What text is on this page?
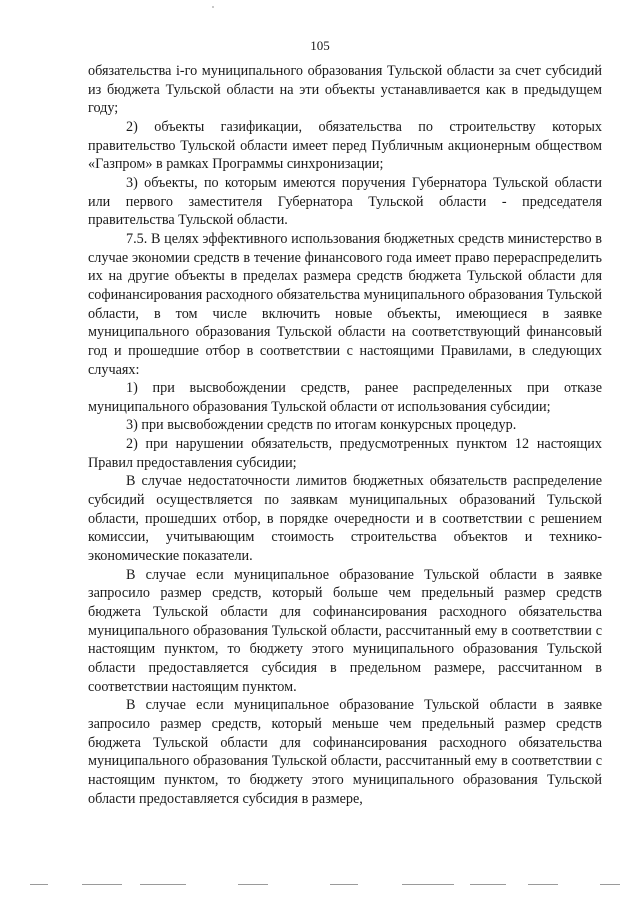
105

обязательства i-го муниципального образования Тульской области за счет субсидий из бюджета Тульской области на эти объекты устанавливается как в предыдущем году;

2) объекты газификации, обязательства по строительству которых правительство Тульской области имеет перед Публичным акционерным обществом «Газпром» в рамках Программы синхронизации;

3) объекты, по которым имеются поручения Губернатора Тульской области или первого заместителя Губернатора Тульской области - председателя правительства Тульской области.

7.5. В целях эффективного использования бюджетных средств министерство в случае экономии средств в течение финансового года имеет право перераспределить их на другие объекты в пределах размера средств бюджета Тульской области для софинансирования расходного обязательства муниципального образования Тульской области, в том числе включить новые объекты, имеющиеся в заявке муниципального образования Тульской области на соответствующий финансовый год и прошедшие отбор в соответствии с настоящими Правилами, в следующих случаях:

1) при высвобождении средств, ранее распределенных при отказе муниципального образования Тульской области от использования субсидии;

3) при высвобождении средств по итогам конкурсных процедур.

2) при нарушении обязательств, предусмотренных пунктом 12 настоящих Правил предоставления субсидии;

В случае недостаточности лимитов бюджетных обязательств распределение субсидий осуществляется по заявкам муниципальных образований Тульской области, прошедших отбор, в порядке очередности и в соответствии с решением комиссии, учитывающим стоимость строительства объектов и технико-экономические показатели.

В случае если муниципальное образование Тульской области в заявке запросило размер средств, который больше чем предельный размер средств бюджета Тульской области для софинансирования расходного обязательства муниципального образования Тульской области, рассчитанный ему в соответствии с настоящим пунктом, то бюджету этого муниципального образования Тульской области предоставляется субсидия в предельном размере, рассчитанном в соответствии настоящим пунктом.

В случае если муниципальное образование Тульской области в заявке запросило размер средств, который меньше чем предельный размер средств бюджета Тульской области для софинансирования расходного обязательства муниципального образования Тульской области, рассчитанный ему в соответствии с настоящим пунктом, то бюджету этого муниципального образования Тульской области предоставляется субсидия в размере,
